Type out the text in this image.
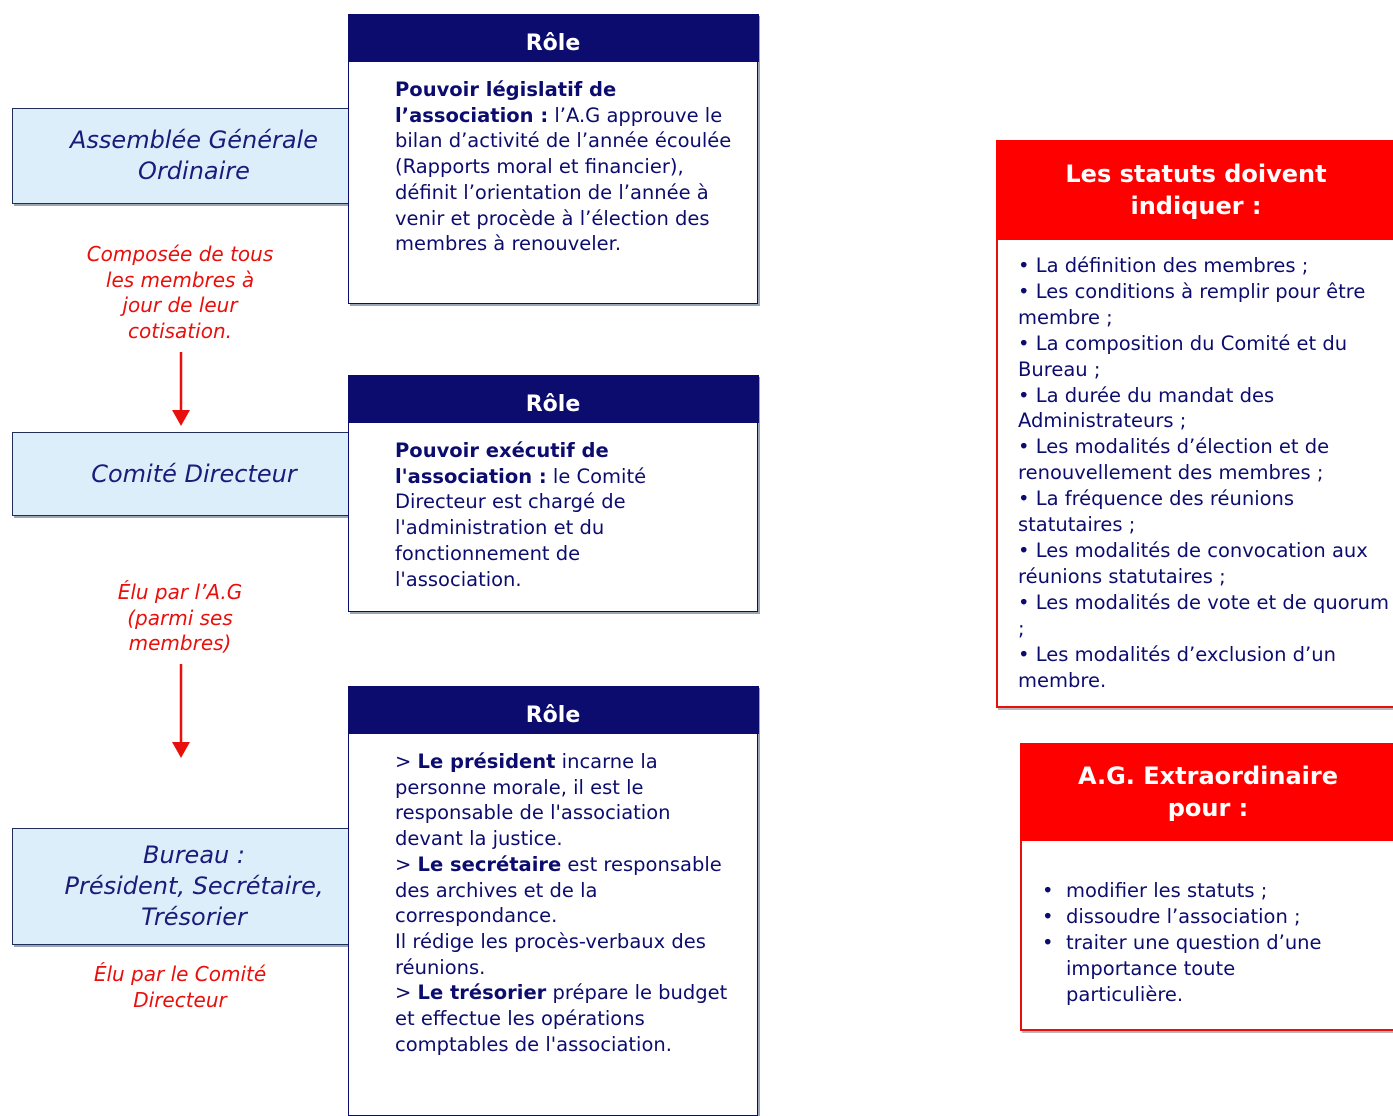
Assemblée Générale
Ordinaire
Composée de tous
les membres à
jour de leur
cotisation.
Comité Directeur
Élu par l’A.G
(parmi ses
membres)
Bureau :
Président, Secrétaire,
Trésorier
Élu par le Comité
Directeur
Rôle
Pouvoir législatif de l’association : l’A.G approuve le bilan d’activité de l’année écoulée (Rapports moral et financier), définit l’orientation de l’année à venir et procède à l’élection des membres à renouveler.
Rôle
Pouvoir exécutif de l'association : le Comité Directeur est chargé de l'administration et du fonctionnement de l'association.
Rôle

> Le président incarne la personne morale, il est le responsable de l'association devant la justice.

> Le secrétaire est responsable des archives et de la correspondance.

Il rédige les procès-verbaux des réunions.

> Le trésorier prépare le budget et effectue les opérations comptables de l'association.

Les statuts doivent indiquer :
• La définition des membres ;
• Les conditions à remplir pour être membre ;
• La composition du Comité et du Bureau ;
• La durée du mandat des Administrateurs ;
• Les modalités d’élection et de renouvellement des membres ;
• La fréquence des réunions statutaires ;
• Les modalités de convocation aux réunions statutaires ;
• Les modalités de vote et de quorum ;
• Les modalités d’exclusion d’un membre.
A.G. Extraordinaire pour :
• modifier les statuts ;
• dissoudre l’association ;
• traiter une question d’une importance toute particulière.
